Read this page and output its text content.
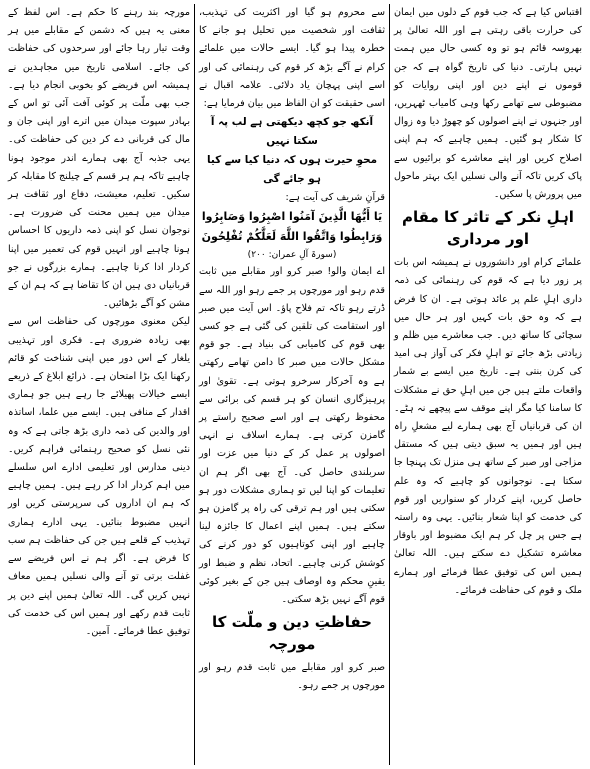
اقتباس کیا ہے کہ جب قوم کے دلوں میں ایمان کی حرارت باقی رہتی ہے اور اللہ تعالیٰ پر بھروسہ قائم ہو تو وہ کسی حال میں ہمت نہیں ہارتی۔ دنیا کی تاریخ گواہ ہے کہ جن قوموں نے اپنے دین اور اپنی روایات کو مضبوطی سے تھامے رکھا وہی کامیاب ٹھہریں، اور جنہوں نے اپنے اصولوں کو چھوڑ دیا وہ زوال کا شکار ہو گئیں۔ ہمیں چاہیے کہ ہم اپنی اصلاح کریں اور اپنے معاشرے کو برائیوں سے پاک کریں تاکہ آنے والی نسلیں ایک بہتر ماحول میں پرورش پا سکیں۔

اہلِ نکر کے تاثر کا مقام اور مرداری

علمائے کرام اور دانشوروں نے ہمیشہ اس بات پر زور دیا ہے کہ قوم کی رہنمائی کی ذمہ داری اہلِ علم پر عائد ہوتی ہے۔ ان کا فرض ہے کہ وہ حق بات کہیں اور ہر حال میں سچائی کا ساتھ دیں۔ جب معاشرے میں ظلم و زیادتی بڑھ جائے تو اہلِ فکر کی آواز ہی امید کی کرن بنتی ہے۔ تاریخ میں ایسے بے شمار واقعات ملتے ہیں جن میں اہلِ حق نے مشکلات کا سامنا کیا مگر اپنے موقف سے پیچھے نہ ہٹے۔ ان کی قربانیاں آج بھی ہمارے لیے مشعلِ راہ ہیں اور ہمیں یہ سبق دیتی ہیں کہ مستقل مزاجی اور صبر کے ساتھ ہی منزل تک پہنچا جا سکتا ہے۔ نوجوانوں کو چاہیے کہ وہ علم حاصل کریں، اپنے کردار کو سنواریں اور قوم کی خدمت کو اپنا شعار بنائیں۔ یہی وہ راستہ ہے جس پر چل کر ہم ایک مضبوط اور باوقار معاشرہ تشکیل دے سکتے ہیں۔ اللہ تعالیٰ ہمیں اس کی توفیق عطا فرمائے اور ہمارے ملک و قوم کی حفاظت فرمائے۔

سے محروم ہو گیا اور اکثریت کی تہذیب، ثقافت اور شخصیت میں تحلیل ہو جانے کا خطرہ پیدا ہو گیا۔ ایسے حالات میں علمائے کرام نے آگے بڑھ کر قوم کی رہنمائی کی اور اسے اپنی پہچان یاد دلائی۔ علامہ اقبال نے اسی حقیقت کو ان الفاظ میں بیان فرمایا ہے:

آنکھ جو کچھ دیکھتی ہے لب پہ آ سکتا نہیں
محوِ حیرت ہوں کہ دنیا کیا سے کیا ہو جائے گی

قرآنِ شریف کی آیت ہے:

يَا أَيُّهَا الَّذِينَ آمَنُوا اصْبِرُوا وَصَابِرُوا وَرَابِطُوا وَاتَّقُوا اللَّهَ لَعَلَّكُمْ تُفْلِحُونَ
(سورۃ آلِ عمران: ۲۰۰)

اے ایمان والو! صبر کرو اور مقابلے میں ثابت قدم رہو اور مورچوں پر جمے رہو اور اللہ سے ڈرتے رہو تاکہ تم فلاح پاؤ۔ اس آیت میں صبر اور استقامت کی تلقین کی گئی ہے جو کسی بھی قوم کی کامیابی کی بنیاد ہے۔ جو قوم مشکل حالات میں صبر کا دامن تھامے رکھتی ہے وہ آخرکار سرخرو ہوتی ہے۔ تقویٰ اور پرہیزگاری انسان کو ہر قسم کی برائی سے محفوظ رکھتی ہے اور اسے صحیح راستے پر گامزن کرتی ہے۔ ہمارے اسلاف نے انہی اصولوں پر عمل کر کے دنیا میں عزت اور سربلندی حاصل کی۔ آج بھی اگر ہم ان تعلیمات کو اپنا لیں تو ہماری مشکلات دور ہو سکتی ہیں اور ہم ترقی کی راہ پر گامزن ہو سکتے ہیں۔ ہمیں اپنے اعمال کا جائزہ لینا چاہیے اور اپنی کوتاہیوں کو دور کرنے کی کوشش کرنی چاہیے۔ اتحاد، نظم و ضبط اور یقینِ محکم وہ اوصاف ہیں جن کے بغیر کوئی قوم آگے نہیں بڑھ سکتی۔

حفاظتِ دین و ملّت کا مورچہ

صبر کرو اور مقابلے میں ثابت قدم رہو اور مورچوں پر جمے رہو۔

مورچہ بند رہنے کا حکم ہے۔ اس لفظ کے معنی یہ ہیں کہ دشمن کے مقابلے میں ہر وقت تیار رہا جائے اور سرحدوں کی حفاظت کی جائے۔ اسلامی تاریخ میں مجاہدین نے ہمیشہ اس فریضے کو بخوبی انجام دیا ہے۔ جب بھی ملّت پر کوئی آفت آئی تو اس کے بہادر سپوت میدان میں اترے اور اپنی جان و مال کی قربانی دے کر دین کی حفاظت کی۔ یہی جذبہ آج بھی ہمارے اندر موجود ہونا چاہیے تاکہ ہم ہر قسم کے چیلنج کا مقابلہ کر سکیں۔ تعلیم، معیشت، دفاع اور ثقافت ہر میدان میں ہمیں محنت کی ضرورت ہے۔ نوجوان نسل کو اپنی ذمہ داریوں کا احساس ہونا چاہیے اور انہیں قوم کی تعمیر میں اپنا کردار ادا کرنا چاہیے۔ ہمارے بزرگوں نے جو قربانیاں دی ہیں ان کا تقاضا ہے کہ ہم ان کے مشن کو آگے بڑھائیں۔

لیکن معنوی مورچوں کی حفاظت اس سے بھی زیادہ ضروری ہے۔ فکری اور تہذیبی یلغار کے اس دور میں اپنی شناخت کو قائم رکھنا ایک بڑا امتحان ہے۔ ذرائع ابلاغ کے ذریعے ایسے خیالات پھیلائے جا رہے ہیں جو ہماری اقدار کے منافی ہیں۔ ایسے میں علما، اساتذہ اور والدین کی ذمہ داری بڑھ جاتی ہے کہ وہ نئی نسل کو صحیح رہنمائی فراہم کریں۔ دینی مدارس اور تعلیمی ادارے اس سلسلے میں اہم کردار ادا کر رہے ہیں۔ ہمیں چاہیے کہ ہم ان اداروں کی سرپرستی کریں اور انہیں مضبوط بنائیں۔ یہی ادارے ہماری تہذیب کے قلعے ہیں جن کی حفاظت ہم سب کا فرض ہے۔ اگر ہم نے اس فریضے سے غفلت برتی تو آنے والی نسلیں ہمیں معاف نہیں کریں گی۔ اللہ تعالیٰ ہمیں اپنے دین پر ثابت قدم رکھے اور ہمیں اس کی خدمت کی توفیق عطا فرمائے۔ آمین۔
